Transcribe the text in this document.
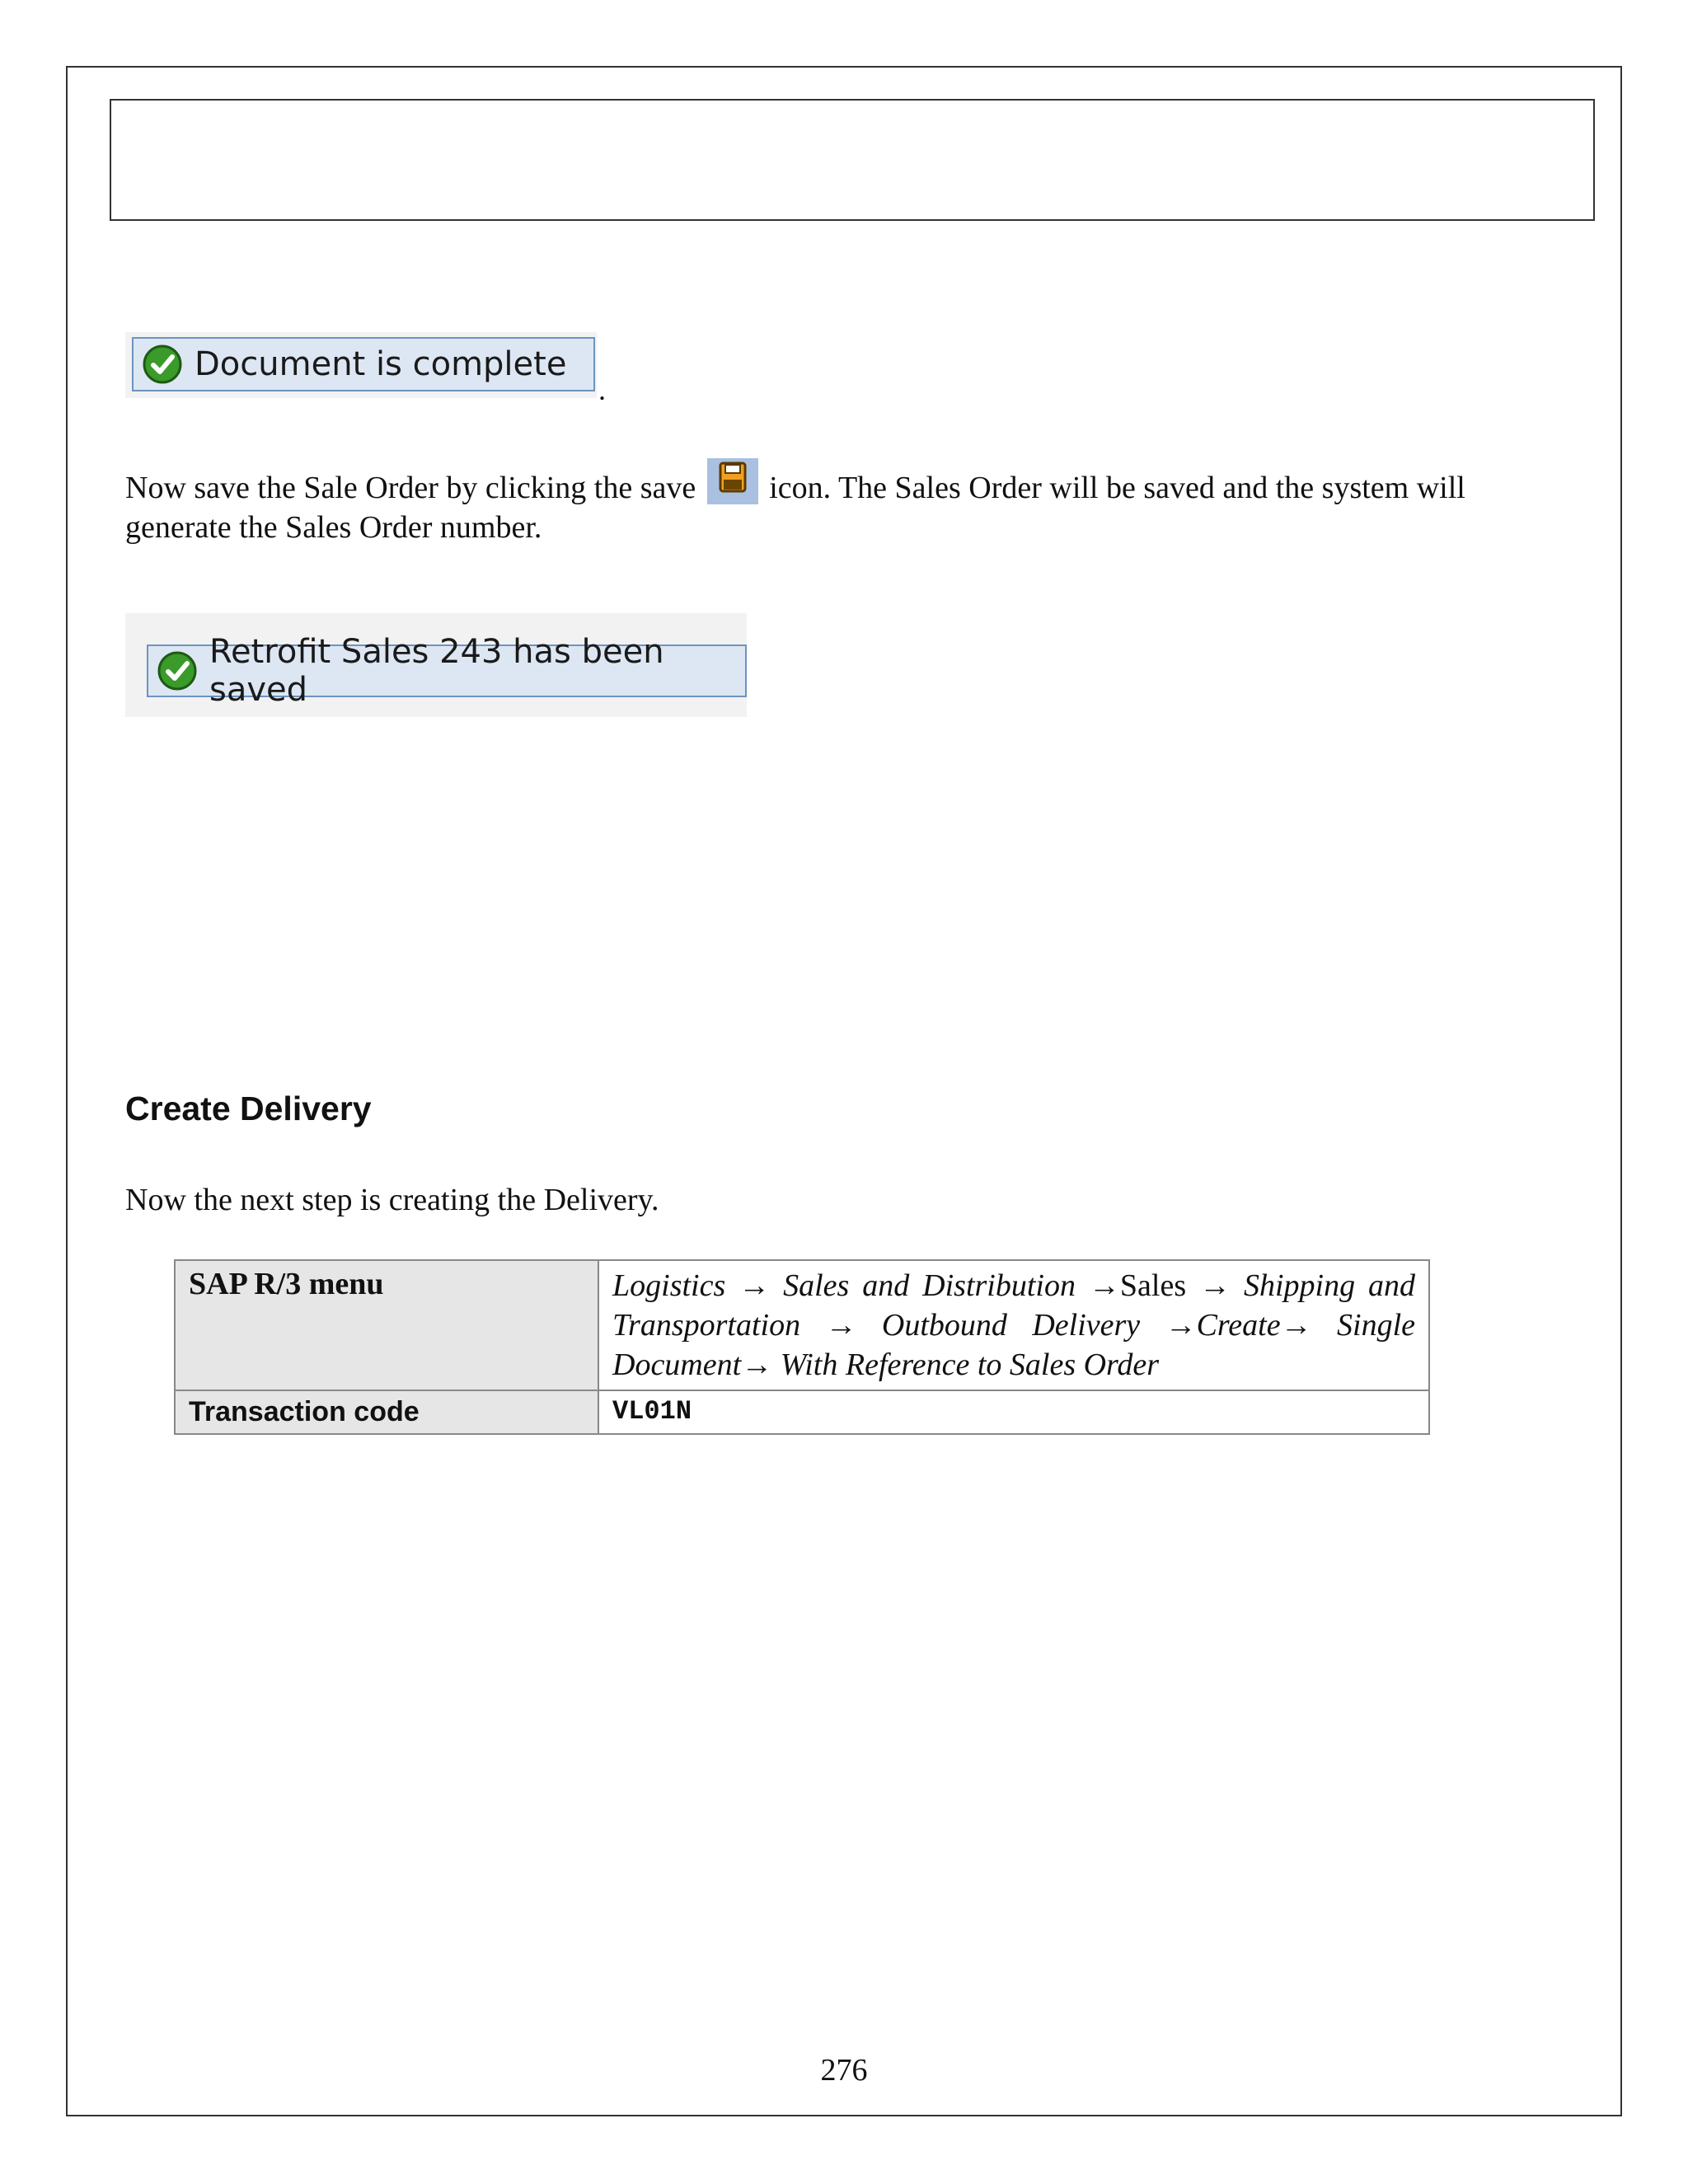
Document is complete
.
Now save the Sale Order by clicking the save  icon. The Sales Order will be saved and the system will generate the Sales Order number.
Retrofit Sales 243 has been saved
Create Delivery
Now the next step is creating the Delivery.
SAP R/3 menu	Logistics → Sales and Distribution →Sales → Shipping and Transportation → Outbound Delivery →Create→ Single Document→ With Reference to Sales Order
Transaction code	VL01N
276
